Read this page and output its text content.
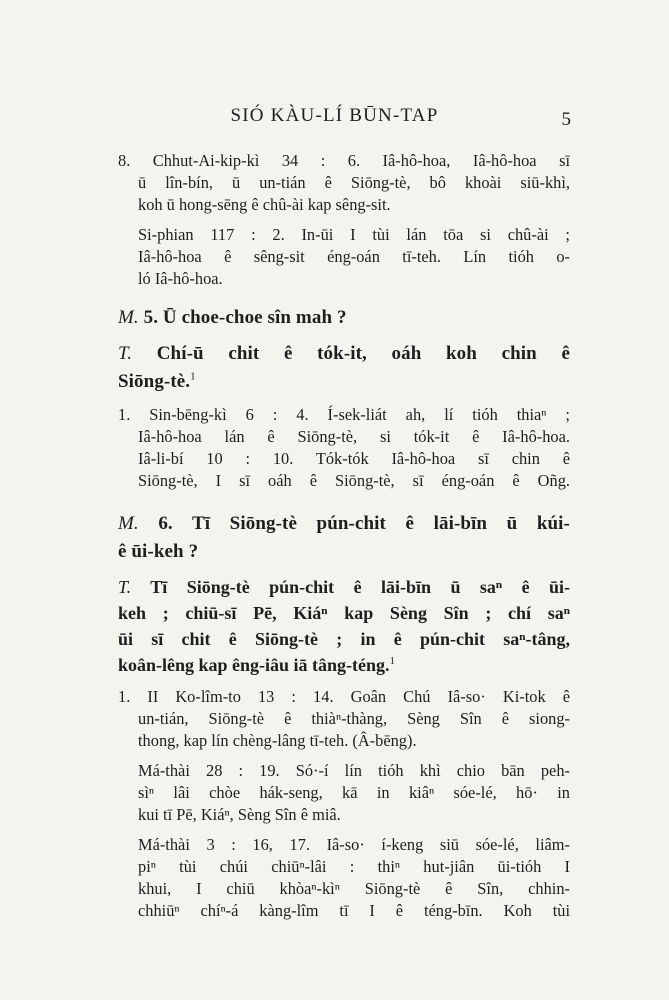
SIÓ KÀU-LÍ BŪN-TAP	5
8. Chhut-Ai-kip-kì 34 : 6. Iâ-hô-hoa, Iâ-hô-hoa sī
ū lîn-bín, ū un-tián ê Siōng-tè, bô khoài siū-khì,
koh ū hong-sēng ê chû-ài kap sêng-sit.
Si-phian 117 : 2. In-ūi I tùi lán tōa si chû-ài ;
Iâ-hô-hoa ê sêng-sit éng-oán tī-teh. Lín tióh o-
ló Iâ-hô-hoa.
M. 5. Ū choe-choe sîn mah ?
T. Chí-ū chit ê tók-it, oáh koh chin ê
Siōng-tè.$^1$
1. Sin-bēng-kì 6 : 4. Í-sek-liát ah, lí tióh thiaⁿ ;
Iâ-hô-hoa lán ê Siōng-tè, si tók-it ê Iâ-hô-hoa.
Iâ-li-bí 10 : 10. Tók-tók Iâ-hô-hoa sī chin ê
Siōng-tè, I sī oáh ê Siōng-tè, sī éng-oán ê Oñg.
M. 6. Tī Siōng-tè pún-chit ê lāi-bīn ū kúi-
ê ūi-keh ?
T. Tī Siōng-tè pún-chit ê lāi-bīn ū saⁿ ê ūi-
keh ; chiū-sī Pē, Kiáⁿ kap Sèng Sîn ; chí saⁿ
ūi sī chit ê Siōng-tè ; in ê pún-chit saⁿ-tâng,
koân-lêng kap êng-iâu iā tâng-téng.$^1$
1. II Ko-lîm-to 13 : 14. Goân Chú Iâ-so· Ki-tok ê
un-tián, Siōng-tè ê thiàⁿ-thàng, Sèng Sîn ê siong-
thong, kap lín chèng-lâng tī-teh. (Â-bēng).
Má-thài 28 : 19. Só·-í lín tióh khì chio bān peh-
sìⁿ lâi chòe hák-seng, kā in kiâⁿ sóe-lé, hō· in
kui tī Pē, Kiáⁿ, Sèng Sîn ê miâ.
Má-thài 3 : 16, 17. Iâ-so· í-keng siū sóe-lé, liâm-
piⁿ tùi chúi chiūⁿ-lâi : thiⁿ hut-jiân ūi-tióh I
khui, I chiū khòaⁿ-kìⁿ Siōng-tè ê Sîn, chhin-
chhiūⁿ chíⁿ-á kàng-lîm tī I ê téng-bīn. Koh tùi
